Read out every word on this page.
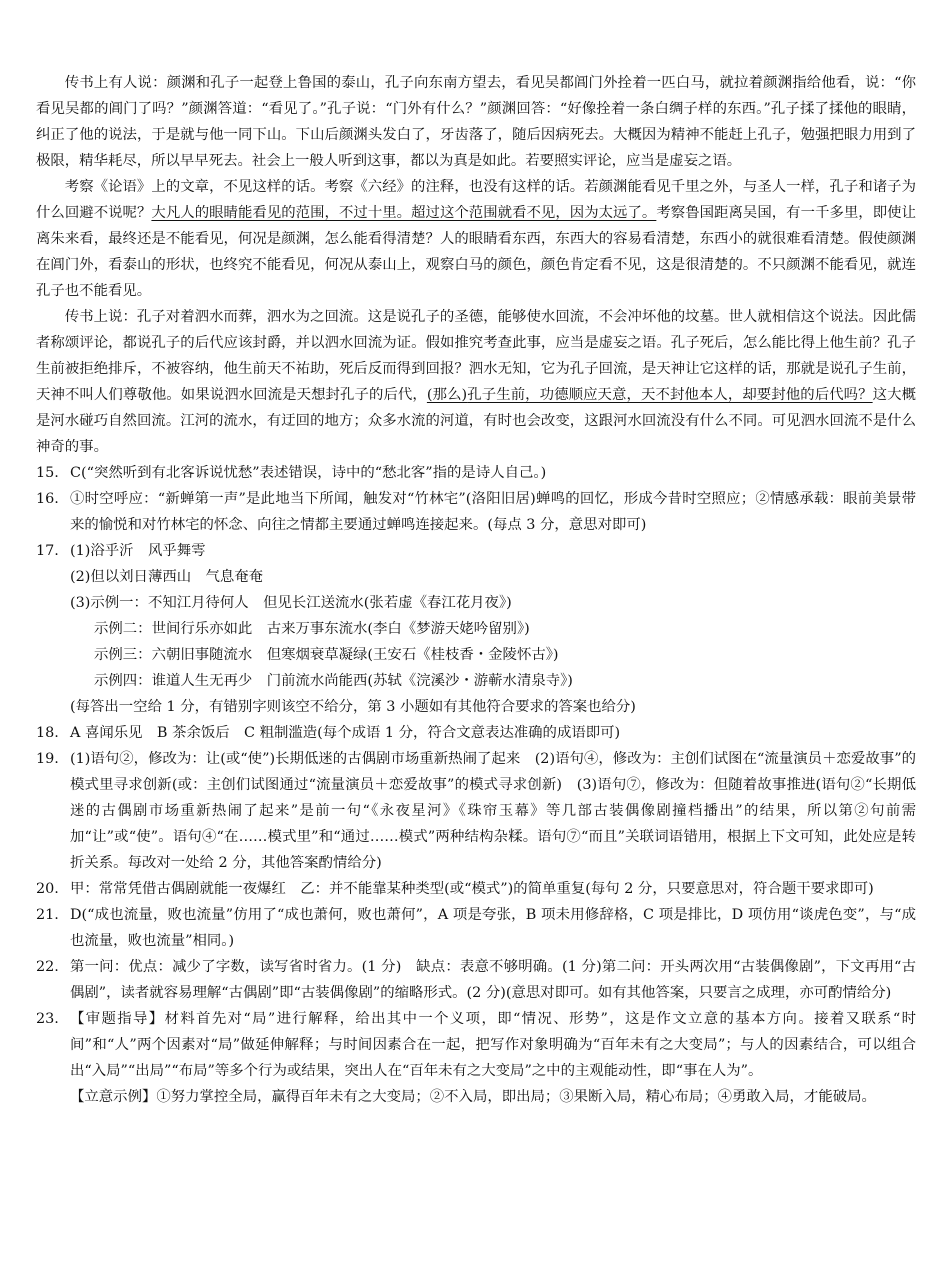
传书上有人说：颜渊和孔子一起登上鲁国的泰山，孔子向东南方望去，看见吴都阊门外拴着一匹白马，就拉着颜渊指给他看，说：“你看见吴都的阊门了吗？”颜渊答道：“看见了。”孔子说：“门外有什么？”颜渊回答：“好像拴着一条白绸子样的东西。”孔子揉了揉他的眼睛，纠正了他的说法，于是就与他一同下山。下山后颜渊头发白了，牙齿落了，随后因病死去。大概因为精神不能赶上孔子，勉强把眼力用到了极限，精华耗尽，所以早早死去。社会上一般人听到这事，都以为真是如此。若要照实评论，应当是虚妄之语。

考察《论语》上的文章，不见这样的话。考察《六经》的注释，也没有这样的话。若颜渊能看见千里之外，与圣人一样，孔子和诸子为什么回避不说呢？大凡人的眼睛能看见的范围，不过十里。超过这个范围就看不见，因为太远了。考察鲁国距离吴国，有一千多里，即使让离朱来看，最终还是不能看见，何况是颜渊，怎么能看得清楚？人的眼睛看东西，东西大的容易看清楚，东西小的就很难看清楚。假使颜渊在阊门外，看泰山的形状，也终究不能看见，何况从泰山上，观察白马的颜色，颜色肯定看不见，这是很清楚的。不只颜渊不能看见，就连孔子也不能看见。

传书上说：孔子对着泗水而葬，泗水为之回流。这是说孔子的圣德，能够使水回流，不会冲坏他的坟墓。世人就相信这个说法。因此儒者称颂评论，都说孔子的后代应该封爵，并以泗水回流为证。假如推究考查此事，应当是虚妄之语。孔子死后，怎么能比得上他生前？孔子生前被拒绝排斥，不被容纳，他生前天不祐助，死后反而得到回报？泗水无知，它为孔子回流，是天神让它这样的话，那就是说孔子生前，天神不叫人们尊敬他。如果说泗水回流是天想封孔子的后代，(那么)孔子生前，功德顺应天意，天不封他本人，却要封他的后代吗？这大概是河水碰巧自然回流。江河的流水，有迂回的地方；众多水流的河道，有时也会改变，这跟河水回流没有什么不同。可见泗水回流不是什么神奇的事。

15. C(“突然听到有北客诉说忧愁”表述错误，诗中的“愁北客”指的是诗人自己。)
16. ①时空呼应：“新蝉第一声”是此地当下所闻，触发对“竹林宅”(洛阳旧居)蝉鸣的回忆，形成今昔时空照应；②情感承载：眼前美景带来的愉悦和对竹林宅的怀念、向往之情都主要通过蝉鸣连接起来。(每点 3 分，意思对即可)
17. (1)浴乎沂　风乎舞雩
(2)但以刘日薄西山　气息奄奄
(3)示例一：不知江月待何人　但见长江送流水(张若虚《春江花月夜》)
示例二：世间行乐亦如此　古来万事东流水(李白《梦游天姥吟留别》)
示例三：六朝旧事随流水　但寒烟衰草凝绿(王安石《桂枝香・金陵怀古》)
示例四：谁道人生无再少　门前流水尚能西(苏轼《浣溪沙・游蕲水清泉寺》)
(每答出一空给 1 分，有错别字则该空不给分，第 3 小题如有其他符合要求的答案也给分)
18. A 喜闻乐见　B 茶余饭后　C 粗制滥造(每个成语 1 分，符合文意表达准确的成语即可)
19. (1)语句②，修改为：让(或“使”)长期低迷的古偶剧市场重新热闹了起来　(2)语句④，修改为：主创们试图在“流量演员＋恋爱故事”的模式里寻求创新(或：主创们试图通过“流量演员＋恋爱故事”的模式寻求创新)　(3)语句⑦，修改为：但随着故事推进(语句②“长期低迷的古偶剧市场重新热闹了起来”是前一句“《永夜星河》《珠帘玉幕》等几部古装偶像剧撞档播出”的结果，所以第②句前需加“让”或“使”。语句④“在……模式里”和“通过……模式”两种结构杂糅。语句⑦“而且”关联词语错用，根据上下文可知，此处应是转折关系。每改对一处给 2 分，其他答案酌情给分)
20. 甲：常常凭借古偶剧就能一夜爆红　乙：并不能靠某种类型(或“模式”)的简单重复(每句 2 分，只要意思对，符合题干要求即可)
21. D(“成也流量，败也流量”仿用了“成也萧何，败也萧何”，A 项是夸张，B 项未用修辞格，C 项是排比，D 项仿用“谈虎色变”，与“成也流量，败也流量”相同。)
22. 第一问：优点：减少了字数，读写省时省力。(1 分)　缺点：表意不够明确。(1 分)第二问：开头两次用“古装偶像剧”，下文再用“古偶剧”，读者就容易理解“古偶剧”即“古装偶像剧”的缩略形式。(2 分)(意思对即可。如有其他答案，只要言之成理，亦可酌情给分)
23. 【审题指导】材料首先对“局”进行解释，给出其中一个义项，即“情况、形势”，这是作文立意的基本方向。接着又联系“时间”和“人”两个因素对“局”做延伸解释；与时间因素合在一起，把写作对象明确为“百年未有之大变局”；与人的因素结合，可以组合出“入局”“出局”“布局”等多个行为或结果，突出人在“百年未有之大变局”之中的主观能动性，即“事在人为”。
【立意示例】①努力掌控全局，赢得百年未有之大变局；②不入局，即出局；③果断入局，精心布局；④勇敢入局，才能破局。
